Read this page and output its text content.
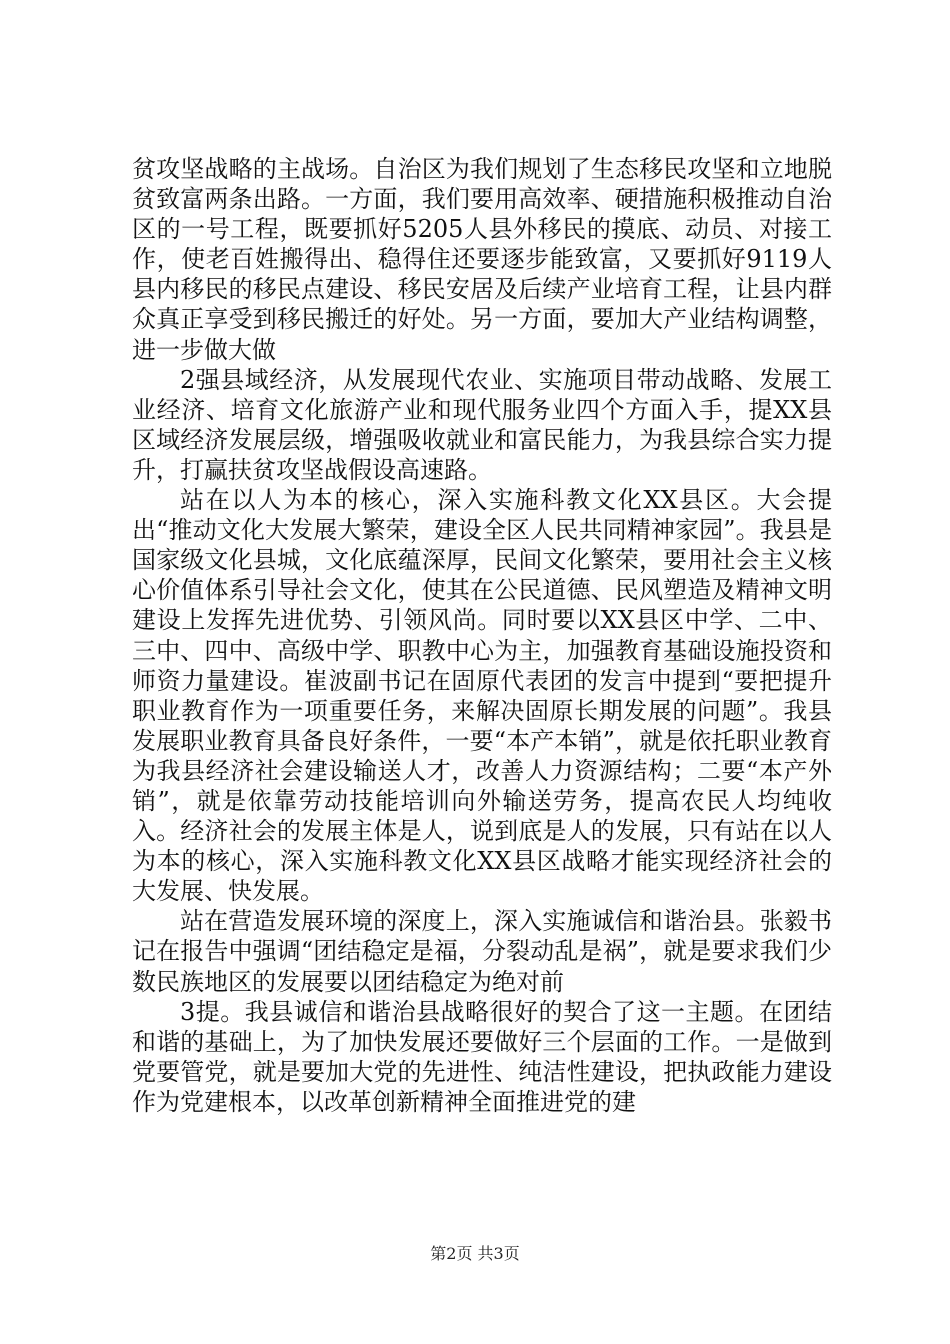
贫攻坚战略的主战场。自治区为我们规划了生态移民攻坚和立地脱贫致富两条出路。一方面，我们要用高效率、硬措施积极推动自治区的一号工程，既要抓好5205人县外移民的摸底、动员、对接工作，使老百姓搬得出、稳得住还要逐步能致富，又要抓好9119人县内移民的移民点建设、移民安居及后续产业培育工程，让县内群众真正享受到移民搬迁的好处。另一方面，要加大产业结构调整，进一步做大做

2强县域经济，从发展现代农业、实施项目带动战略、发展工业经济、培育文化旅游产业和现代服务业四个方面入手，提XX县区域经济发展层级，增强吸收就业和富民能力，为我县综合实力提升，打赢扶贫攻坚战假设高速路。

站在以人为本的核心，深入实施科教文化XX县区。大会提出“推动文化大发展大繁荣，建设全区人民共同精神家园”。我县是国家级文化县城，文化底蕴深厚，民间文化繁荣，要用社会主义核心价值体系引导社会文化，使其在公民道德、民风塑造及精神文明建设上发挥先进优势、引领风尚。同时要以XX县区中学、二中、三中、四中、高级中学、职教中心为主，加强教育基础设施投资和师资力量建设。崔波副书记在固原代表团的发言中提到“要把提升职业教育作为一项重要任务，来解决固原长期发展的问题”。我县发展职业教育具备良好条件，一要“本产本销”，就是依托职业教育为我县经济社会建设输送人才，改善人力资源结构；二要“本产外销”，就是依靠劳动技能培训向外输送劳务，提高农民人均纯收入。经济社会的发展主体是人，说到底是人的发展，只有站在以人为本的核心，深入实施科教文化XX县区战略才能实现经济社会的大发展、快发展。

站在营造发展环境的深度上，深入实施诚信和谐治县。张毅书记在报告中强调“团结稳定是福，分裂动乱是祸”，就是要求我们少数民族地区的发展要以团结稳定为绝对前

3提。我县诚信和谐治县战略很好的契合了这一主题。在团结和谐的基础上，为了加快发展还要做好三个层面的工作。一是做到党要管党，就是要加大党的先进性、纯洁性建设，把执政能力建设作为党建根本，以改革创新精神全面推进党的建

第2页 共3页
